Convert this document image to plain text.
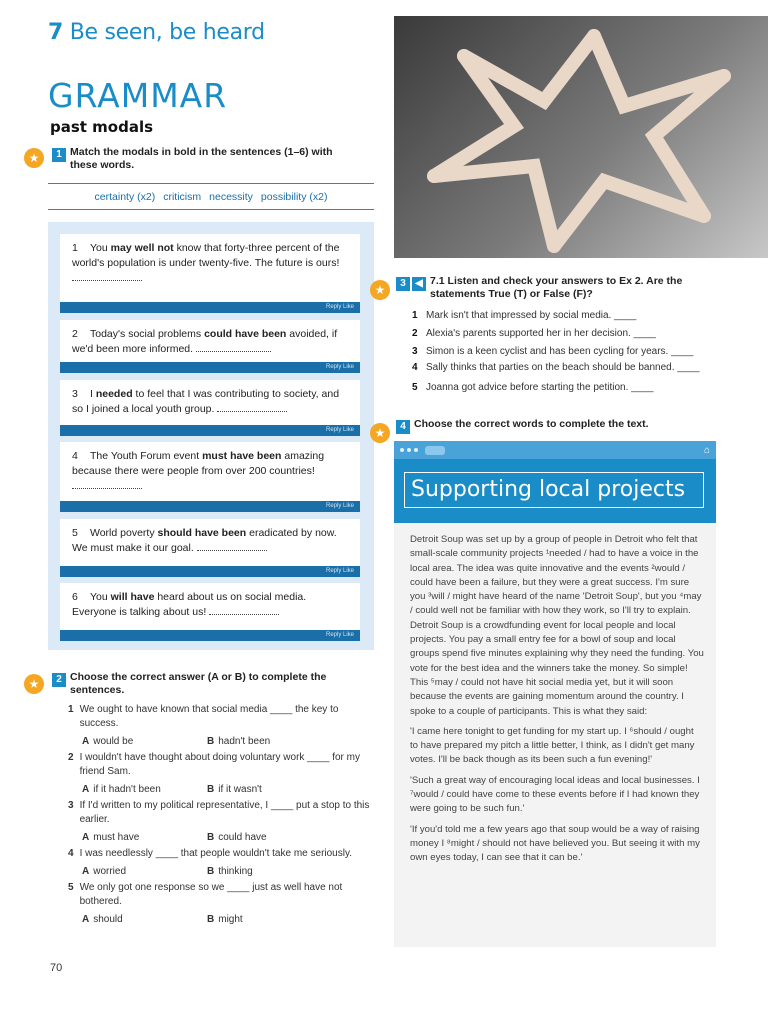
7 Be seen, be heard
GRAMMAR
past modals
★	1 Match the modals in bold in the sentences (1–6) with these words.
certainty (x2) criticism necessity possibility (x2)
1 You may well not know that forty-three percent of the world's population is under twenty-five. The future is ours!
Reply Like
2 Today's social problems could have been avoided, if we'd been more informed.
Reply Like
3 I needed to feel that I was contributing to society, and so I joined a local youth group.
Reply Like
4 The Youth Forum event must have been amazing because there were people from over 200 countries!
Reply Like
5 World poverty should have been eradicated by now. We must make it our goal.
Reply Like
6 You will have heard about us on social media. Everyone is talking about us!
Reply Like
★	2 Choose the correct answer (A or B) to complete the sentences.
1 We ought to have known that social media ____ the key to success.
A would be	B hadn't been
2 I wouldn't have thought about doing voluntary work ____ for my friend Sam.
A if it hadn't been	B if it wasn't
3 If I'd written to my political representative, I ____ put a stop to this earlier.
A must have	B could have
4 I was needlessly ____ that people wouldn't take me seriously.
A worried	B thinking
5 We only got one response so we ____ just as well have not bothered.
A should	B might
★	3 ◀ 7.1 Listen and check your answers to Ex 2. Are the statements True (T) or False (F)?
1 Mark isn't that impressed by social media. ____
2 Alexia's parents supported her in her decision. ____
3 Simon is a keen cyclist and has been cycling for years. ____
4 Sally thinks that parties on the beach should be banned. ____
5 Joanna got advice before starting the petition. ____
★	4 Choose the correct words to complete the text.
⌂
Supporting local projects

Detroit Soup was set up by a group of people in Detroit who felt that small-scale community projects ¹needed / had to have a voice in the local area. The idea was quite innovative and the events ²would / could have been a failure, but they were a great success. I'm sure you ³will / might have heard of the name 'Detroit Soup', but you ⁴may / could well not be familiar with how they work, so I'll try to explain. Detroit Soup is a crowdfunding event for local people and local projects. You pay a small entry fee for a bowl of soup and local groups spend five minutes explaining why they need the funding. You vote for the best idea and the winners take the money. So simple! This ⁵may / could not have hit social media yet, but it will soon because the events are gaining momentum around the country. I spoke to a couple of participants. This is what they said:

'I came here tonight to get funding for my start up. I ⁶should / ought to have prepared my pitch a little better, I think, as I didn't get many votes. I'll be back though as its been such a fun evening!'

'Such a great way of encouraging local ideas and local businesses. I ⁷would / could have come to these events before if I had known they were going to be such fun.'

'If you'd told me a few years ago that soup would be a way of raising money I ⁸might / should not have believed you. But seeing it with my own eyes today, I can see that it can be.'

70
